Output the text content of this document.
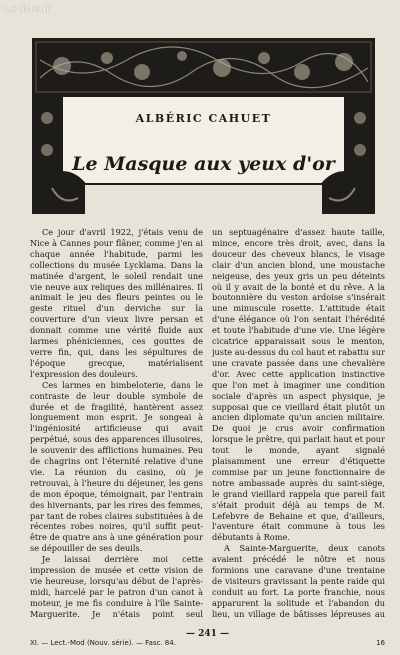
Le-livre.fr
ALBÉRIC CAHUET
Le Masque aux yeux d'or

Ce jour d'avril 1922, j'étais venu de Nice à Cannes pour flâner, comme j'en ai chaque année l'habitude, parmi les collections du musée Lycklama. Dans la matinée d'argent, le soleil rendait une vie neuve aux reliques des millénaires. Il animait le jeu des fleurs peintes ou le geste rituel d'un derviche sur la couverture d'un vieux livre persan et donnait comme une vérité fluide aux larmes phéniciennes, ces gouttes de verre fin, qui, dans les sépultures de l'époque grecque, matérialisent l'expression des douleurs.

Ces larmes en bimbeloterie, dans le contraste de leur double symbole de durée et de fragilité, hantèrent assez longuement mon esprit. Je songeai à l'ingéniosité artificieuse qui avait perpétué, sous des apparences illusoires, le souvenir des afflictions humaines. Peu de chagrins ont l'éternité relative d'une vie. La réunion du casino, où je retrouvai, à l'heure du déjeuner, les gens de mon époque, témoignait, par l'entrain des hivernants, par les rires des femmes, par tant de robes claires substituées à de récentes robes noires, qu'il suffit peut-être de quatre ans à une génération pour se dépouiller de ses deuils.

Je laissai derrière moi cette impression de musée et cette vision de vie heureuse, lorsqu'au début de l'après-midi, harcelé par le patron d'un canot à moteur, je me fis conduire à l'île Sainte-Marguerite. Je n'étais point seul

un septuagénaire d'assez haute taille, mince, encore très droit, avec, dans la douceur des cheveux blancs, le visage clair d'un ancien blond, une moustache neigeuse, des yeux gris un peu déteints où il y avait de la bonté et du rêve. A la boutonnière du veston ardoise s'insérait une minuscule rosette. L'attitude était d'une élégance où l'on sentait l'hérédité et toute l'habitude d'une vie. Une légère cicatrice apparaissait sous le menton, juste au-dessus du col haut et rabattu sur une cravate passée dans une chevalière d'or. Avec cette application instinctive que l'on met à imaginer une condition sociale d'après un aspect physique, je supposai que ce vieillard était plutôt un ancien diplomate qu'un ancien militaire. De quoi je crus avoir confirmation lorsque le prêtre, qui parlait haut et pour tout le monde, ayant signalé plaisamment une erreur d'étiquette commise par un jeune fonctionnaire de notre ambassade auprès du saint-siège, le grand vieillard rappela que pareil fait s'était produit déjà au temps de M. Lefebvre de Behaine et que, d'ailleurs, l'aventure était commune à tous les débutants à Rome.

A Sainte-Marguerite, deux canots avaient précédé le nôtre et nous formions une caravane d'une trentaine de visiteurs gravissant la pente raide qui conduit au fort. La porte franchie, nous apparurent la solitude et l'abandon du lieu, un village de bâtisses lépreuses au

— 241 —
XI. — Lect.-Mod (Nouv. série). — Fasc. 84.	16
